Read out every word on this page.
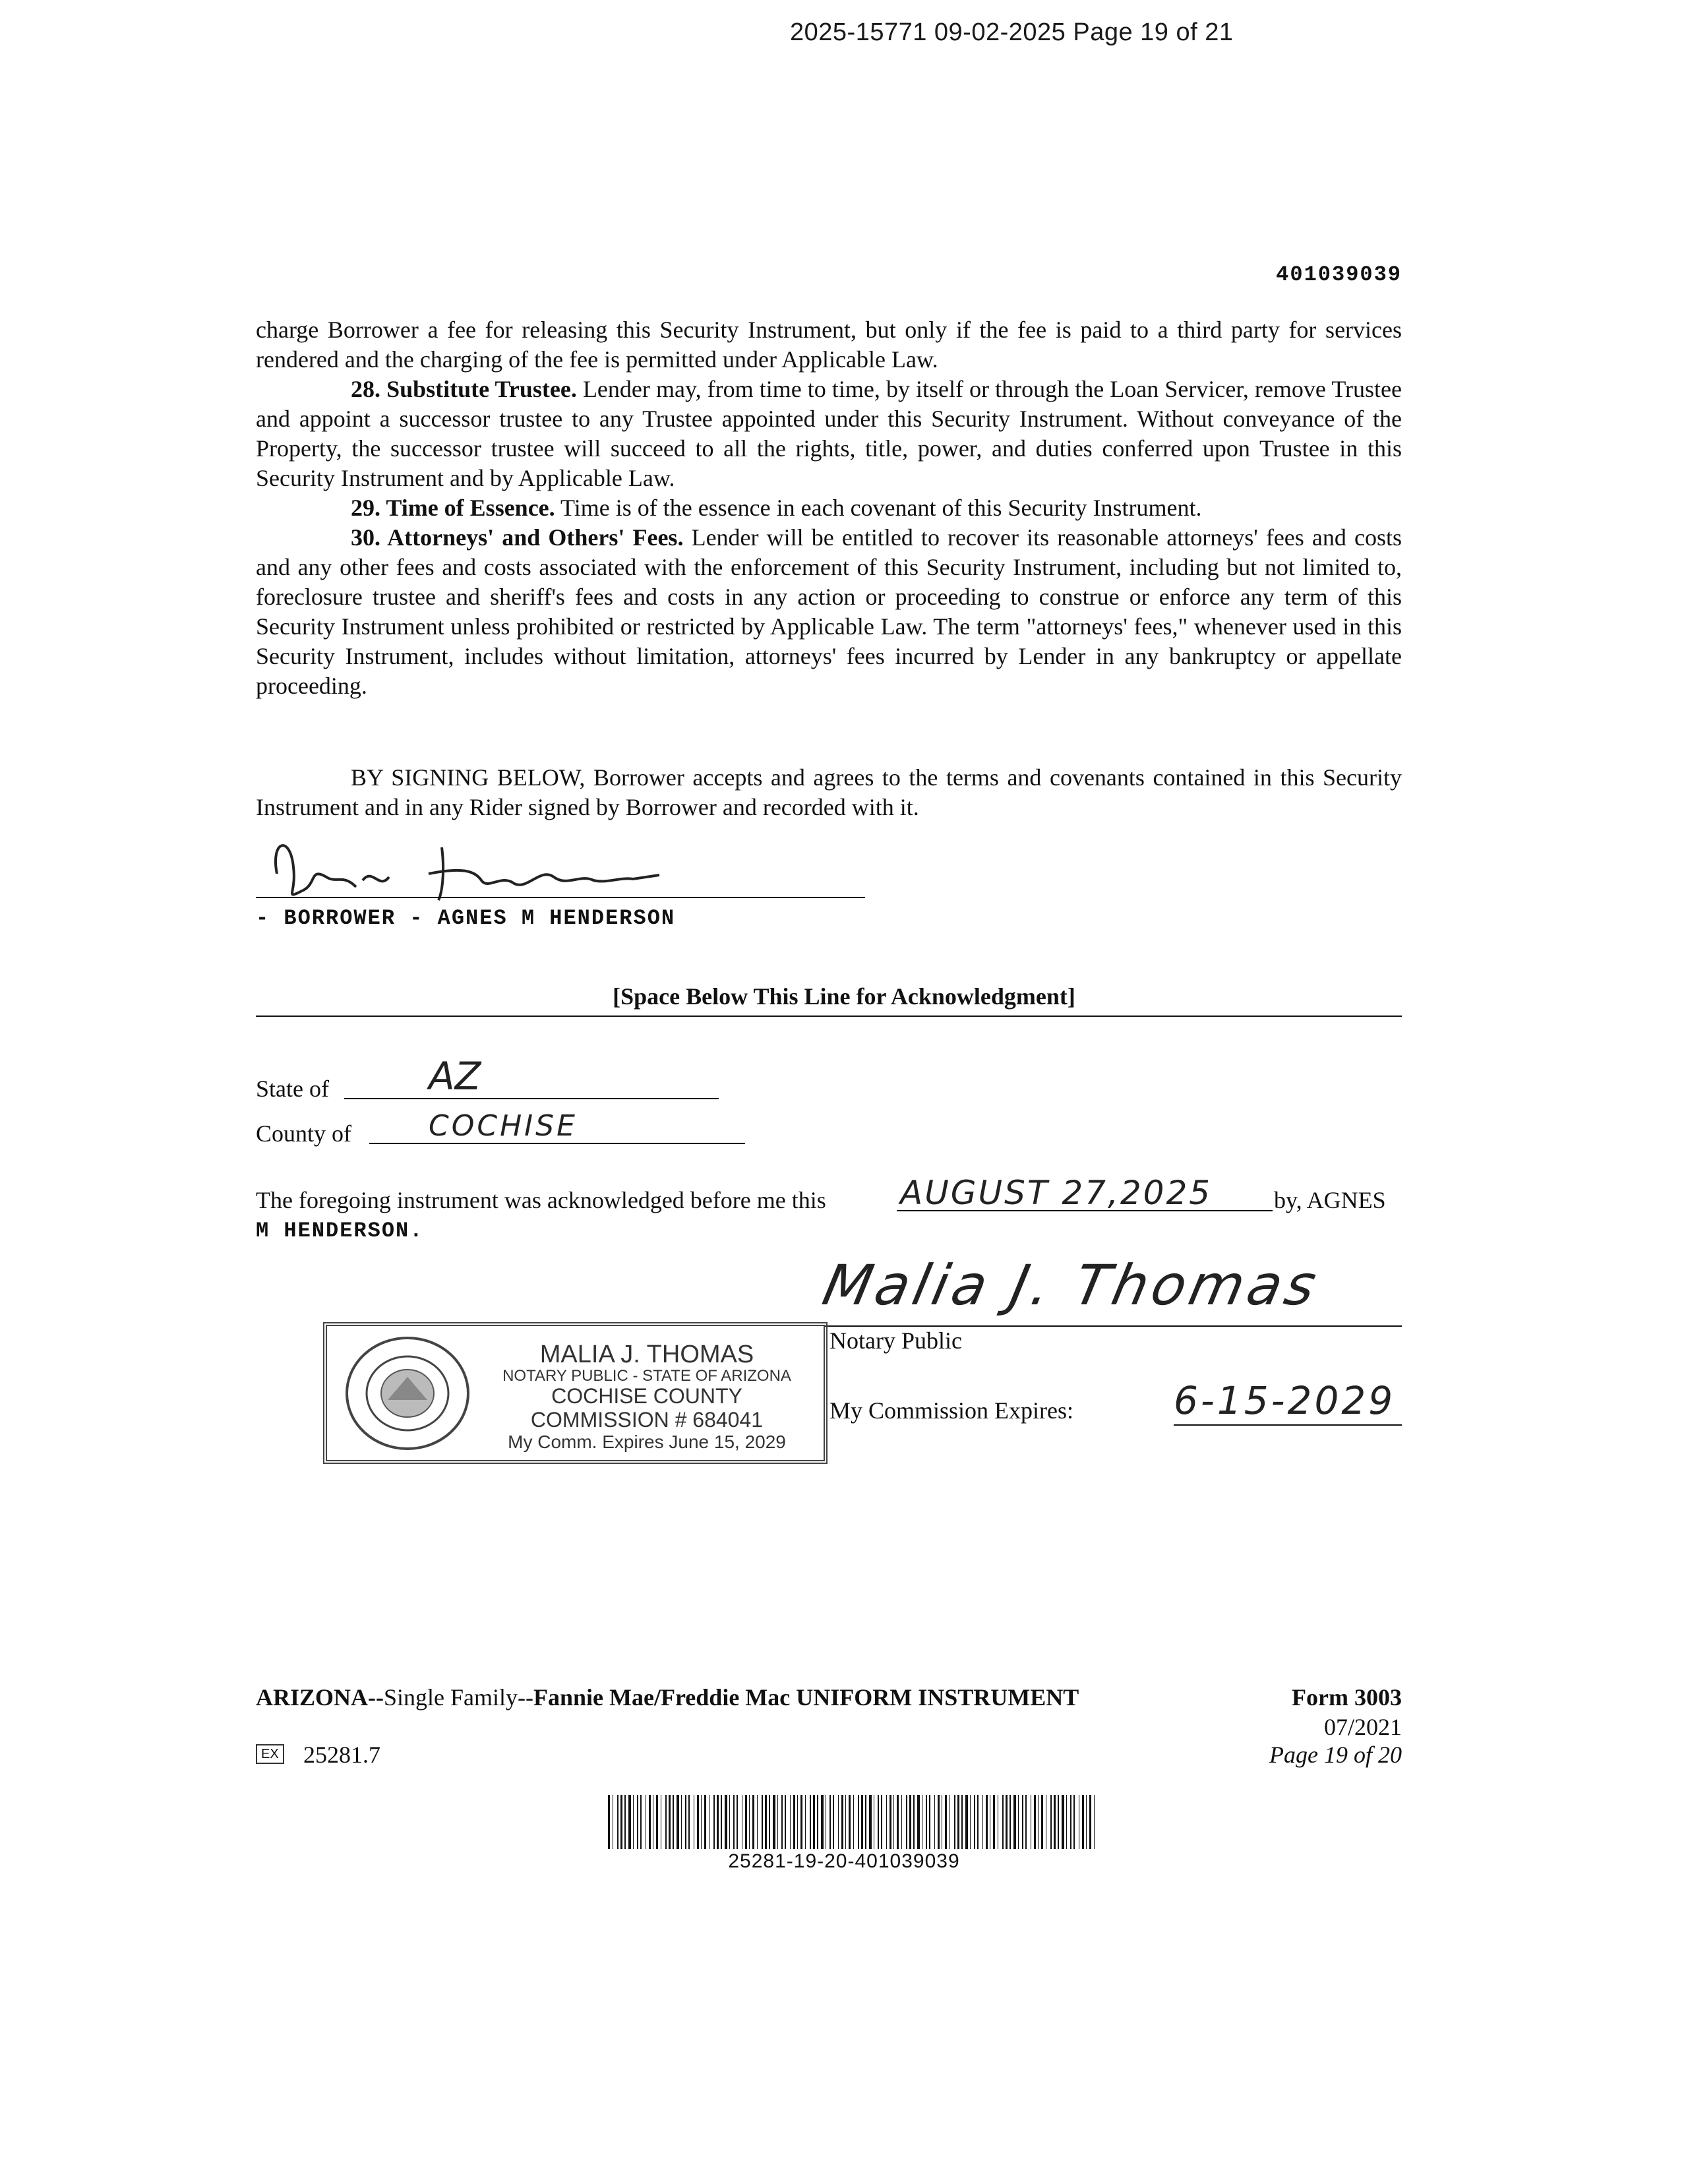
2025-15771 09-02-2025 Page 19 of 21
401039039

charge Borrower a fee for releasing this Security Instrument, but only if the fee is paid to a third party for services rendered and the charging of the fee is permitted under Applicable Law.

28. Substitute Trustee. Lender may, from time to time, by itself or through the Loan Servicer, remove Trustee and appoint a successor trustee to any Trustee appointed under this Security Instrument. Without conveyance of the Property, the successor trustee will succeed to all the rights, title, power, and duties conferred upon Trustee in this Security Instrument and by Applicable Law.

29. Time of Essence. Time is of the essence in each covenant of this Security Instrument.

30. Attorneys' and Others' Fees. Lender will be entitled to recover its reasonable attorneys' fees and costs and any other fees and costs associated with the enforcement of this Security Instrument, including but not limited to, foreclosure trustee and sheriff's fees and costs in any action or proceeding to construe or enforce any term of this Security Instrument unless prohibited or restricted by Applicable Law. The term "attorneys' fees," whenever used in this Security Instrument, includes without limitation, attorneys' fees incurred by Lender in any bankruptcy or appellate proceeding.

BY SIGNING BELOW, Borrower accepts and agrees to the terms and covenants contained in this Security Instrument and in any Rider signed by Borrower and recorded with it.

- BORROWER - AGNES M HENDERSON
[Space Below This Line for Acknowledgment]
State of	AZ
County of	COCHISE
The foregoing instrument was acknowledged before me this AUGUST 27,2025	by, AGNES
M HENDERSON.
Malia J. Thomas
Notary Public
MALIA J. THOMAS
NOTARY PUBLIC - STATE OF ARIZONA
COCHISE COUNTY
COMMISSION # 684041
My Comm. Expires June 15, 2029
My Commission Expires:	6-15-2029
ARIZONA--Single Family--Fannie Mae/Freddie Mac UNIFORM INSTRUMENT	Form 3003
07/2021
Page 19 of 20
EX 25281.7
25281-19-20-401039039
